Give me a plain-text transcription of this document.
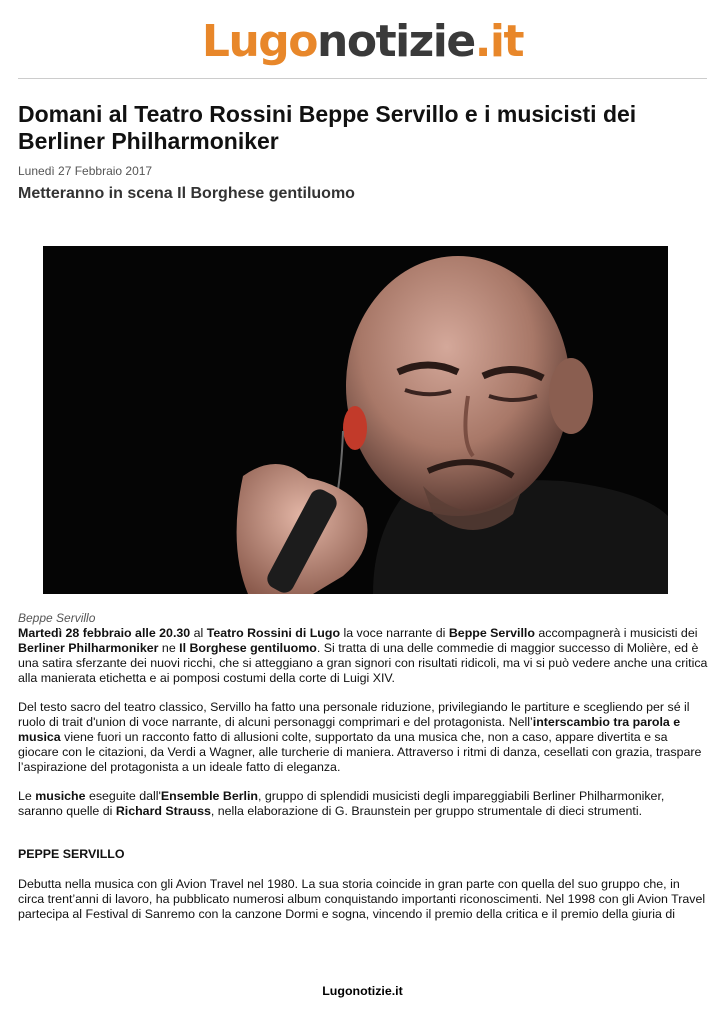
Lugonotizie.it
Domani al Teatro Rossini Beppe Servillo e i musicisti dei Berliner Philharmoniker
Lunedì 27 Febbraio 2017
Metteranno in scena Il Borghese gentiluomo
Beppe Servillo

Martedì 28 febbraio alle 20.30 al Teatro Rossini di Lugo la voce narrante di Beppe Servillo accompagnerà i musicisti dei Berliner Philharmoniker ne Il Borghese gentiluomo. Si tratta di una delle commedie di maggior successo di Molière, ed è una satira sferzante dei nuovi ricchi, che si atteggiano a gran signori con risultati ridicoli, ma vi si può vedere anche una critica alla manierata etichetta e ai pomposi costumi della corte di Luigi XIV.

Del testo sacro del teatro classico, Servillo ha fatto una personale riduzione, privilegiando le partiture e scegliendo per sé il ruolo di trait d'union di voce narrante, di alcuni personaggi comprimari e del protagonista. Nell’interscambio tra parola e musica viene fuori un racconto fatto di allusioni colte, supportato da una musica che, non a caso, appare divertita e sa giocare con le citazioni, da Verdi a Wagner, alle turcherie di maniera. Attraverso i ritmi di danza, cesellati con grazia, traspare l’aspirazione del protagonista a un ideale fatto di eleganza.

Le musiche eseguite dall'Ensemble Berlin, gruppo di splendidi musicisti degli impareggiabili Berliner Philharmoniker, saranno quelle di Richard Strauss, nella elaborazione di G. Braunstein per gruppo strumentale di dieci strumenti.

PEPPE SERVILLO

Debutta nella musica con gli Avion Travel nel 1980. La sua storia coincide in gran parte con quella del suo gruppo che, in circa trent’anni di lavoro, ha pubblicato numerosi album conquistando importanti riconoscimenti. Nel 1998 con gli Avion Travel partecipa al Festival di Sanremo con la canzone Dormi e sogna, vincendo il premio della critica e il premio della giuria di

Lugonotizie.it
